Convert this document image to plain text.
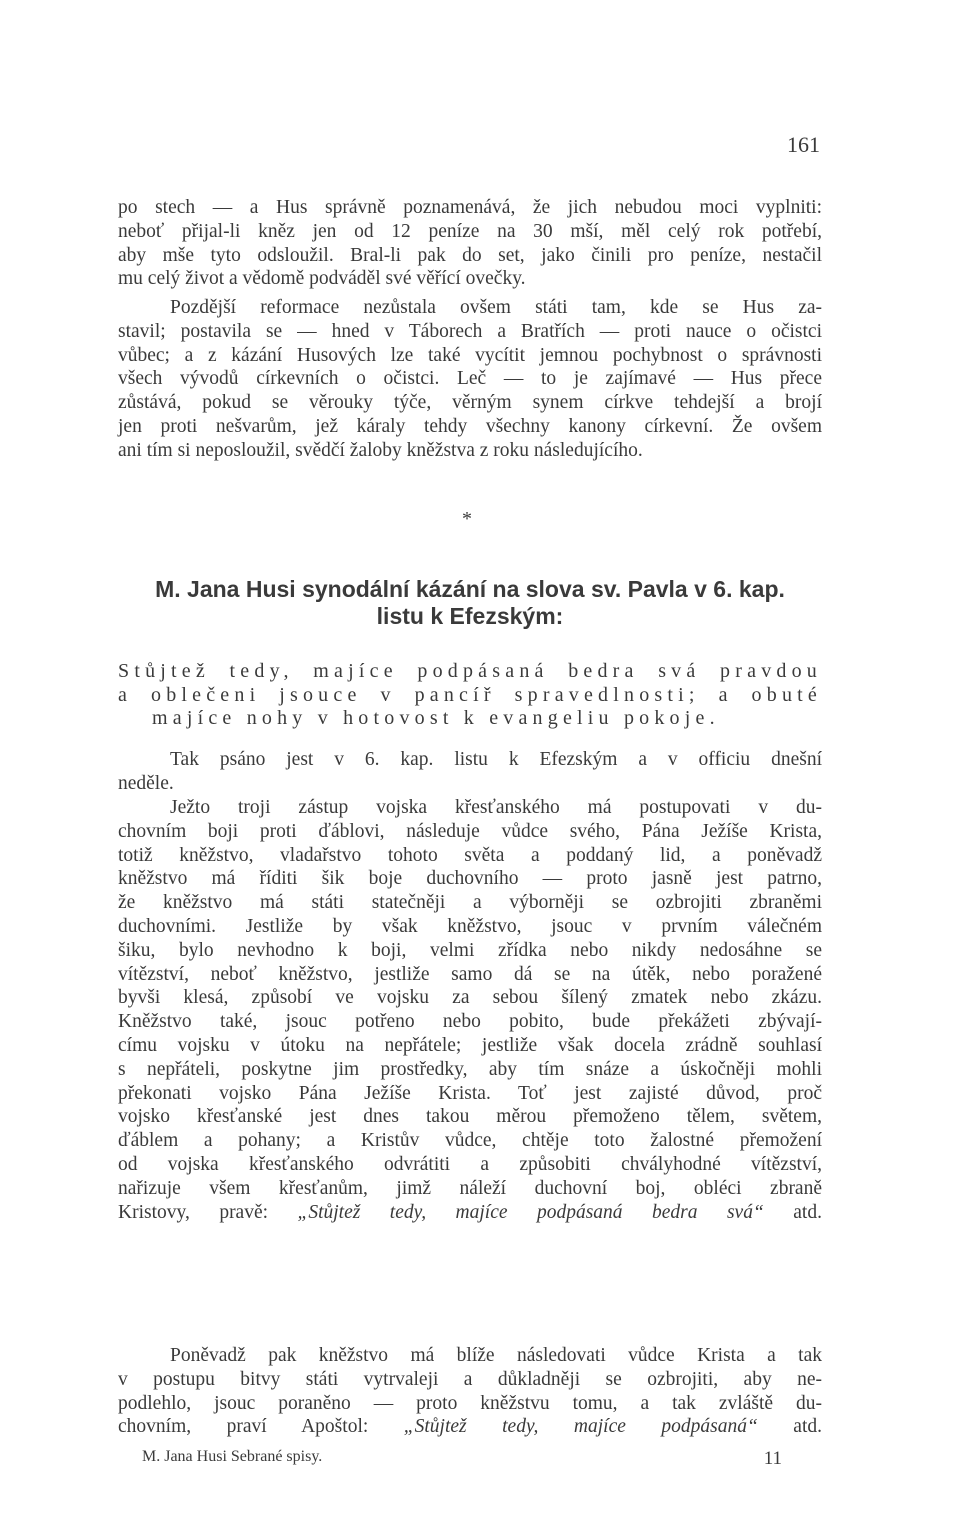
161

po stech — a Hus správně poznamenává, že jich nebudou moci vyplniti:
neboť přijal-li kněz jen od 12 peníze na 30 mší, měl celý rok potřebí,
aby mše tyto odsloužil. Bral-li pak do set, jako činili pro peníze, nestačil
mu celý život a vědomě podváděl své věřící ovečky.

Pozdější reformace nezůstala ovšem státi tam, kde se Hus za-
stavil; postavila se — hned v Táborech a Bratřích — proti nauce o očistci
vůbec; a z kázání Husových lze také vycítit jemnou pochybnost o správnosti
všech vývodů církevních o očistci. Leč — to je zajímavé — Hus přece
zůstává, pokud se věrouky týče, věrným synem církve tehdejší a brojí
jen proti nešvarům, jež káraly tehdy všechny kanony církevní. Že ovšem
ani tím si neposloužil, svědčí žaloby kněžstva z roku následujícího.

*
M. Jana Husi synodální kázání na slova sv. Pavla v 6. kap.
listu k Efezským:
Stůjtež tedy, majíce podpásaná bedra svá pravdou
a oblečeni jsouce v pancíř spravedlnosti; a obuté
majíce nohy v hotovost k evangeliu pokoje.

Tak psáno jest v 6. kap. listu k Efezským a v officiu dnešní
neděle.

Ježto troji zástup vojska křesťanského má postupovati v du-
chovním boji proti ďáblovi, následuje vůdce svého, Pána Ježíše Krista,
totiž kněžstvo, vladařstvo tohoto světa a poddaný lid, a poněvadž
kněžstvo má říditi šik boje duchovního — proto jasně jest patrno,
že kněžstvo má státi statečněji a výborněji se ozbrojiti zbraněmi
duchovními. Jestliže by však kněžstvo, jsouc v prvním válečném
šiku, bylo nevhodno k boji, velmi zřídka nebo nikdy nedosáhne se
vítězství, neboť kněžstvo, jestliže samo dá se na útěk, nebo poražené
byvši klesá, způsobí ve vojsku za sebou šílený zmatek nebo zkázu.
Kněžstvo také, jsouc potřeno nebo pobito, bude překážeti zbývají-
címu vojsku v útoku na nepřátele; jestliže však docela zrádně souhlasí
s nepřáteli, poskytne jim prostředky, aby tím snáze a úskočněji mohli
překonati vojsko Pána Ježíše Krista. Toť jest zajisté důvod, proč
vojsko křesťanské jest dnes takou měrou přemoženo tělem, světem,
ďáblem a pohany; a Kristův vůdce, chtěje toto žalostné přemožení
od vojska křesťanského odvrátiti a způsobiti chvályhodné vítězství,
nařizuje všem křesťanům, jimž náleží duchovní boj, obléci zbraně
Kristovy, pravě: „Stůjtež tedy, majíce podpásaná bedra svá“ atd.

Poněvadž pak kněžstvo má blíže následovati vůdce Krista a tak
v postupu bitvy státi vytrvaleji a důkladněji se ozbrojiti, aby ne-
podlehlo, jsouc poraněno — proto kněžstvu tomu, a tak zvláště du-
chovním, praví Apoštol: „Stůjtež tedy, majíce podpásaná“ atd.

M. Jana Husi Sebrané spisy.	11
